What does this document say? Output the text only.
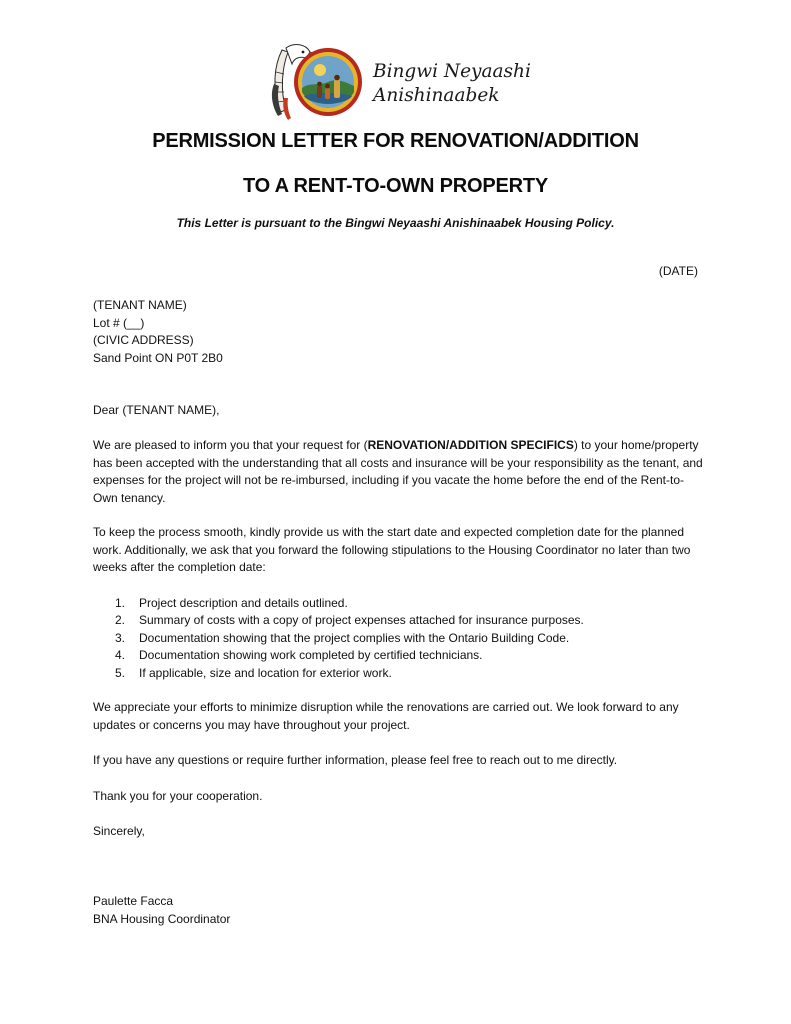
Bingwi Neyaashi
Anishinaabek
PERMISSION LETTER FOR RENOVATION/ADDITION
TO A RENT-TO-OWN PROPERTY
This Letter is pursuant to the Bingwi Neyaashi Anishinaabek Housing Policy.
(DATE)
(TENANT NAME)
Lot # (__)
(CIVIC ADDRESS)
Sand Point ON P0T 2B0
Dear (TENANT NAME),
We are pleased to inform you that your request for (RENOVATION/ADDITION SPECIFICS) to your home/property has been accepted with the understanding that all costs and insurance will be your responsibility as the tenant, and expenses for the project will not be re-imbursed, including if you vacate the home before the end of the Rent-to-Own tenancy.
To keep the process smooth, kindly provide us with the start date and expected completion date for the planned work. Additionally, we ask that you forward the following stipulations to the Housing Coordinator no later than two weeks after the completion date:
1. Project description and details outlined.
2. Summary of costs with a copy of project expenses attached for insurance purposes.
3. Documentation showing that the project complies with the Ontario Building Code.
4. Documentation showing work completed by certified technicians.
5. If applicable, size and location for exterior work.
We appreciate your efforts to minimize disruption while the renovations are carried out. We look forward to any updates or concerns you may have throughout your project.
If you have any questions or require further information, please feel free to reach out to me directly.
Thank you for your cooperation.
Sincerely,
Paulette Facca
BNA Housing Coordinator
